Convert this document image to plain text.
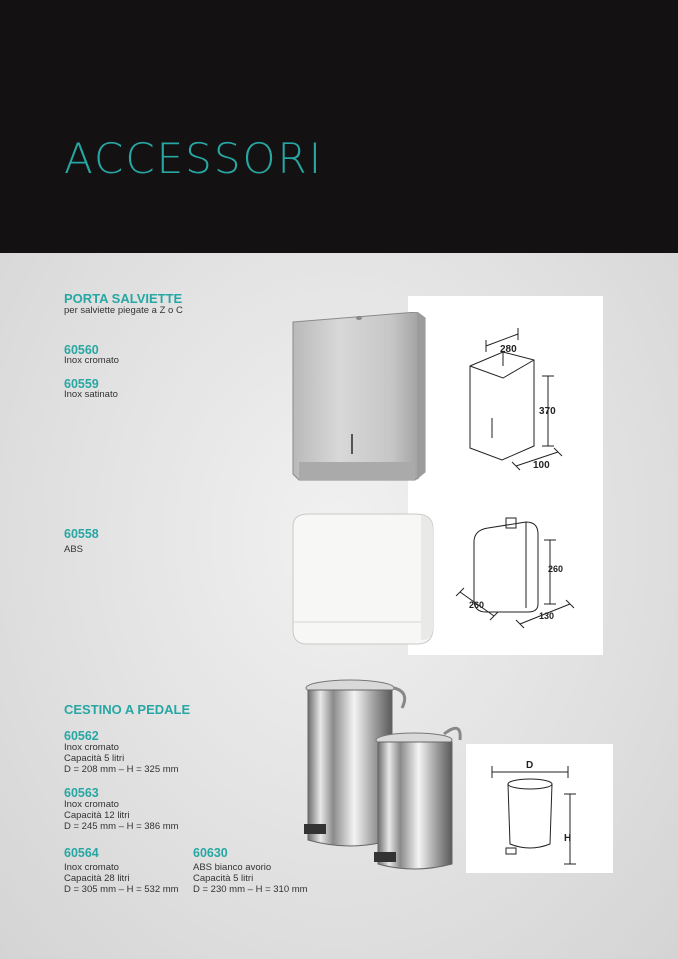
ACCESSORI
PORTA SALVIETTE
per salviette piegate a Z o C
60560
Inox cromato
60559
Inox satinato
60558
ABS
280
370
100
260
260
130
CESTINO A PEDALE
60562
Inox cromato
Capacità 5 litri
D = 208 mm – H = 325 mm
60563
Inox cromato
Capacità 12 litri
D = 245 mm – H = 386 mm
60564
Inox cromato
Capacità 28 litri
D = 305 mm – H = 532 mm
60630
ABS bianco avorio
Capacità 5 litri
D = 230 mm – H = 310 mm
D
H
